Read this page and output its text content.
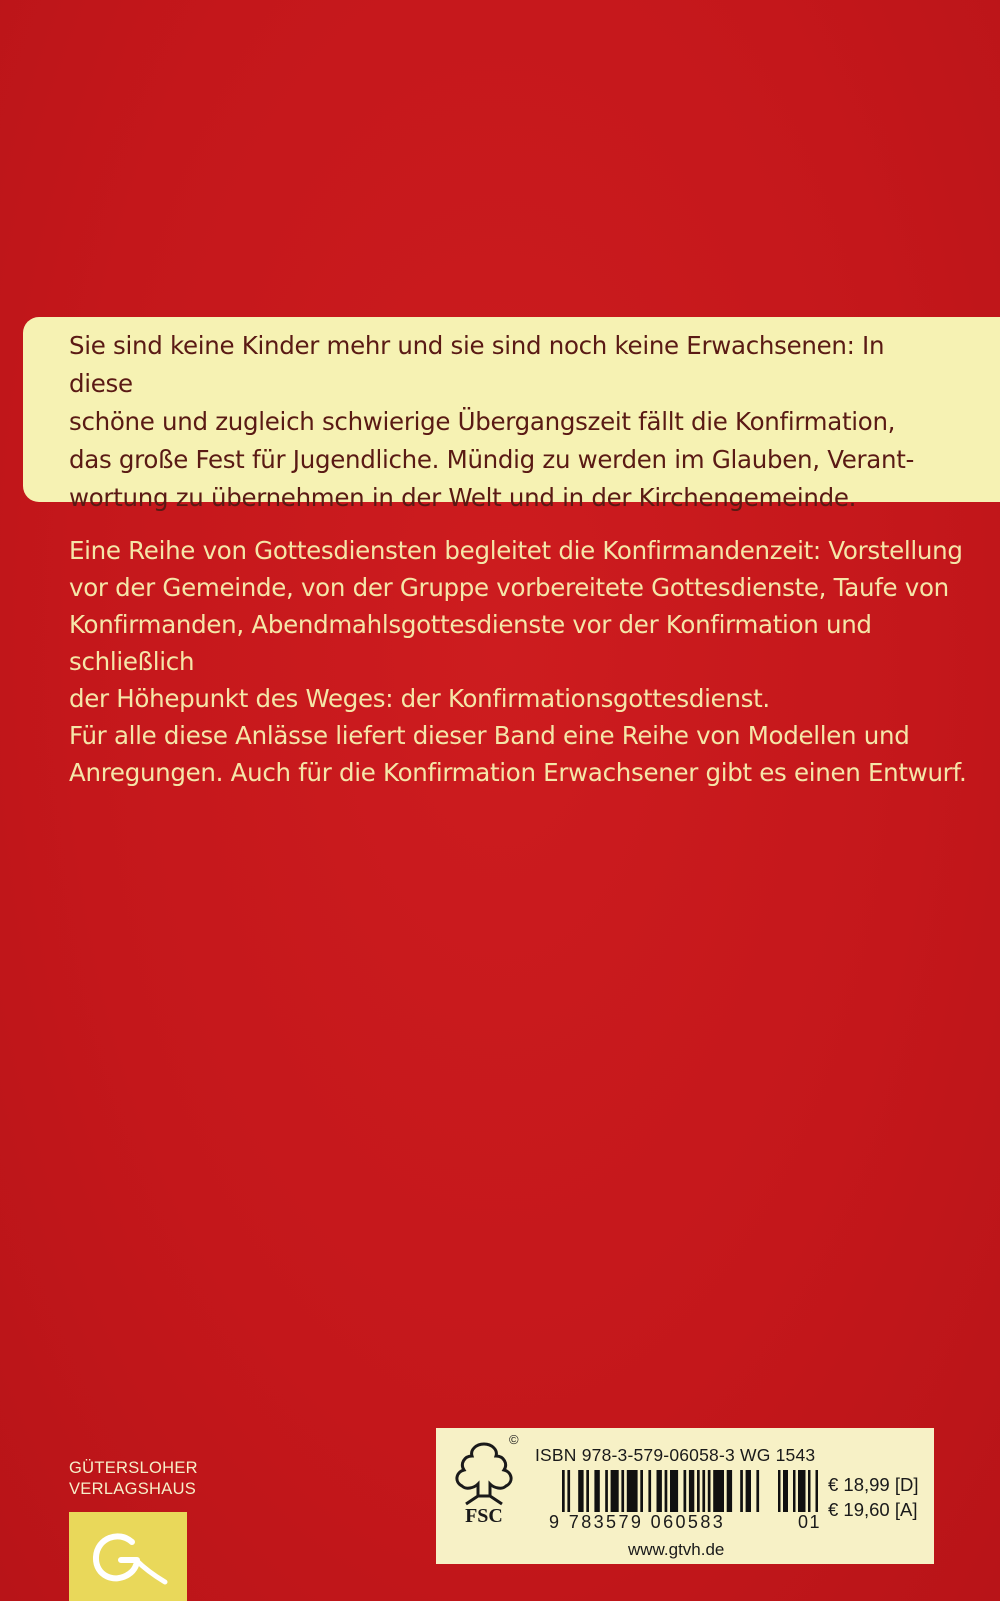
Sie sind keine Kinder mehr und sie sind noch keine Erwachsenen: In diese
schöne und zugleich schwierige Übergangszeit fällt die Konfirmation,
das große Fest für Jugendliche. Mündig zu werden im Glauben, Verant-
wortung zu übernehmen in der Welt und in der Kirchengemeinde.

Eine Reihe von Gottesdiensten begleitet die Konfirmandenzeit: Vorstellung
vor der Gemeinde, von der Gruppe vorbereitete Gottesdienste, Taufe von
Konfirmanden, Abendmahlsgottesdienste vor der Konfirmation und schließlich
der Höhepunkt des Weges: der Konfirmationsgottesdienst.
Für alle diese Anlässe liefert dieser Band eine Reihe von Modellen und
Anregungen. Auch für die Konfirmation Erwachsener gibt es einen Entwurf.

GÜTERSLOHER
VERLAGSHAUS
FSC
©
ISBN 978-3-579-06058-3 WG 1543
9 783579 060583	01
€ 18,99 [D]
€ 19,60 [A]
www.gtvh.de
